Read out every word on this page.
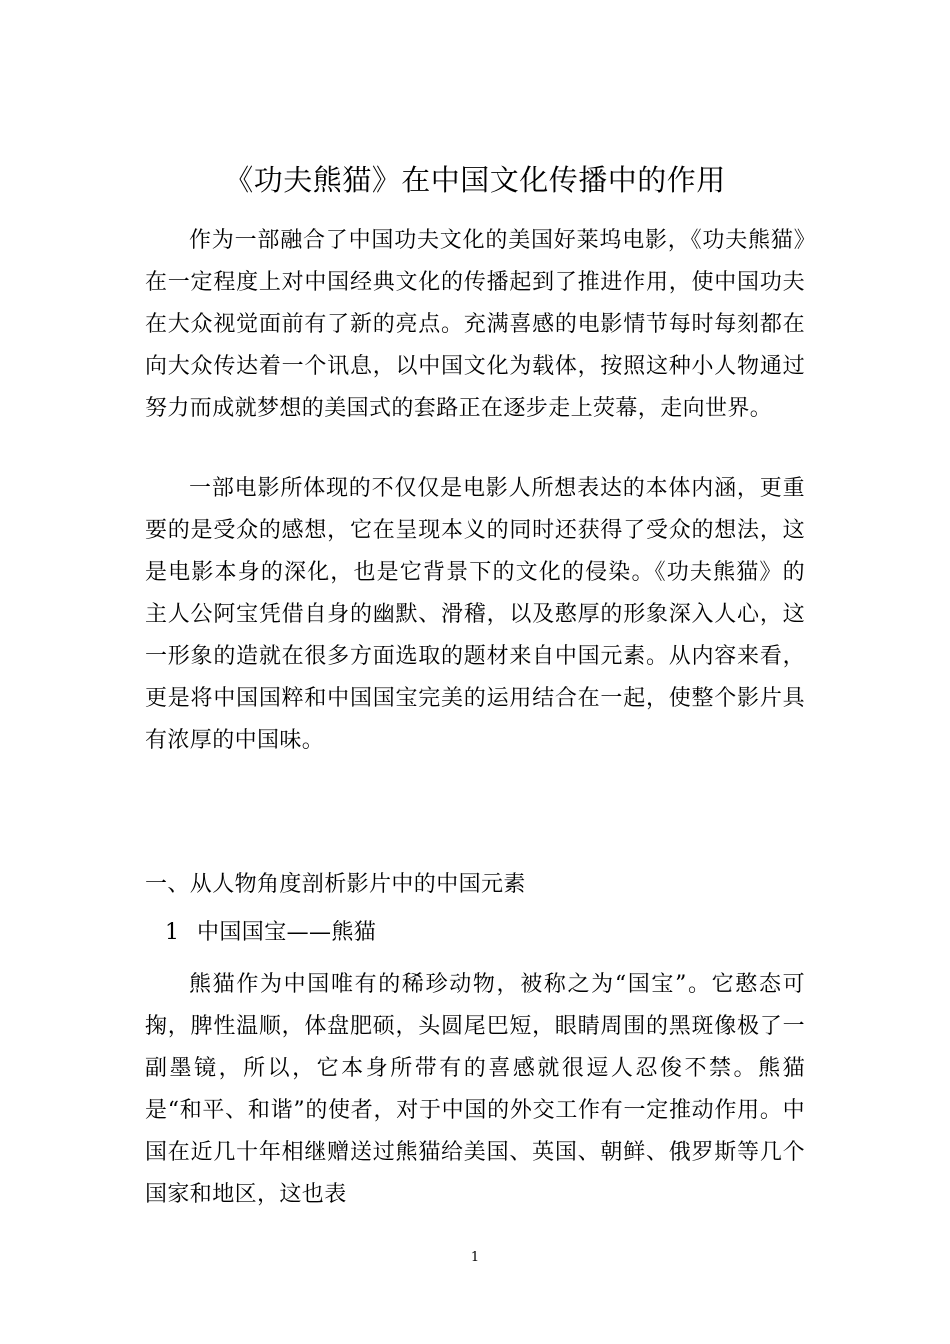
《功夫熊猫》在中国文化传播中的作用

作为一部融合了中国功夫文化的美国好莱坞电影，《功夫熊猫》在一定程度上对中国经典文化的传播起到了推进作用，使中国功夫在大众视觉面前有了新的亮点。充满喜感的电影情节每时每刻都在向大众传达着一个讯息，以中国文化为载体，按照这种小人物通过努力而成就梦想的美国式的套路正在逐步走上荧幕，走向世界。

一部电影所体现的不仅仅是电影人所想表达的本体内涵，更重要的是受众的感想，它在呈现本义的同时还获得了受众的想法，这是电影本身的深化，也是它背景下的文化的侵染。《功夫熊猫》的主人公阿宝凭借自身的幽默、滑稽，以及憨厚的形象深入人心，这一形象的造就在很多方面选取的题材来自中国元素。从内容来看，更是将中国国粹和中国国宝完美的运用结合在一起，使整个影片具有浓厚的中国味。

一、从人物角度剖析影片中的中国元素
1 中国国宝——熊猫

熊猫作为中国唯有的稀珍动物，被称之为“国宝”。它憨态可掬，脾性温顺，体盘肥硕，头圆尾巴短，眼睛周围的黑斑像极了一副墨镜，所以，它本身所带有的喜感就很逗人忍俊不禁。熊猫是“和平、和谐”的使者，对于中国的外交工作有一定推动作用。中国在近几十年相继赠送过熊猫给美国、英国、朝鲜、俄罗斯等几个国家和地区，这也表

1
